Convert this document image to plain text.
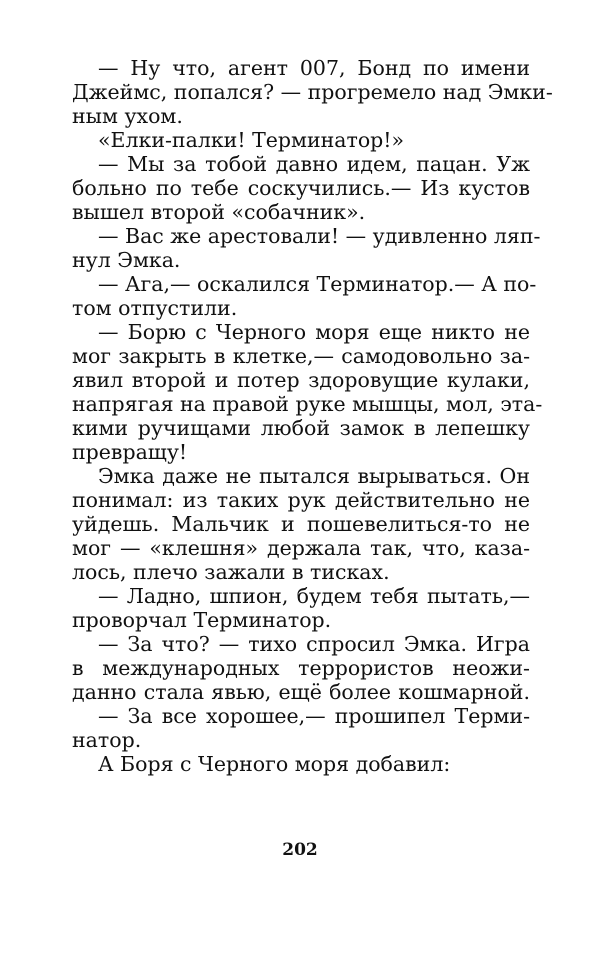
— Ну что, агент 007, Бонд по имени
Джеймс, попался? — прогремело над Эмки-
ным ухом.
«Елки-палки! Терминатор!»
— Мы за тобой давно идем, пацан. Уж
больно по тебе соскучились.— Из кустов
вышел второй «собачник».
— Вас же арестовали! — удивленно ляп-
нул Эмка.
— Ага,— оскалился Терминатор.— А по-
том отпустили.
— Борю с Черного моря еще никто не
мог закрыть в клетке,— самодовольно за-
явил второй и потер здоровущие кулаки,
напрягая на правой руке мышцы, мол, эта-
кими ручищами любой замок в лепешку
превращу!
Эмка даже не пытался вырываться. Он
понимал: из таких рук действительно не
уйдешь. Мальчик и пошевелиться-то не
мог — «клешня» держала так, что, каза-
лось, плечо зажали в тисках.
— Ладно, шпион, будем тебя пытать,—
проворчал Терминатор.
— За что? — тихо спросил Эмка. Игра
в международных террористов неожи-
данно стала явью, ещё более кошмарной.
— За все хорошее,— прошипел Терми-
натор.
А Боря с Черного моря добавил:
202
